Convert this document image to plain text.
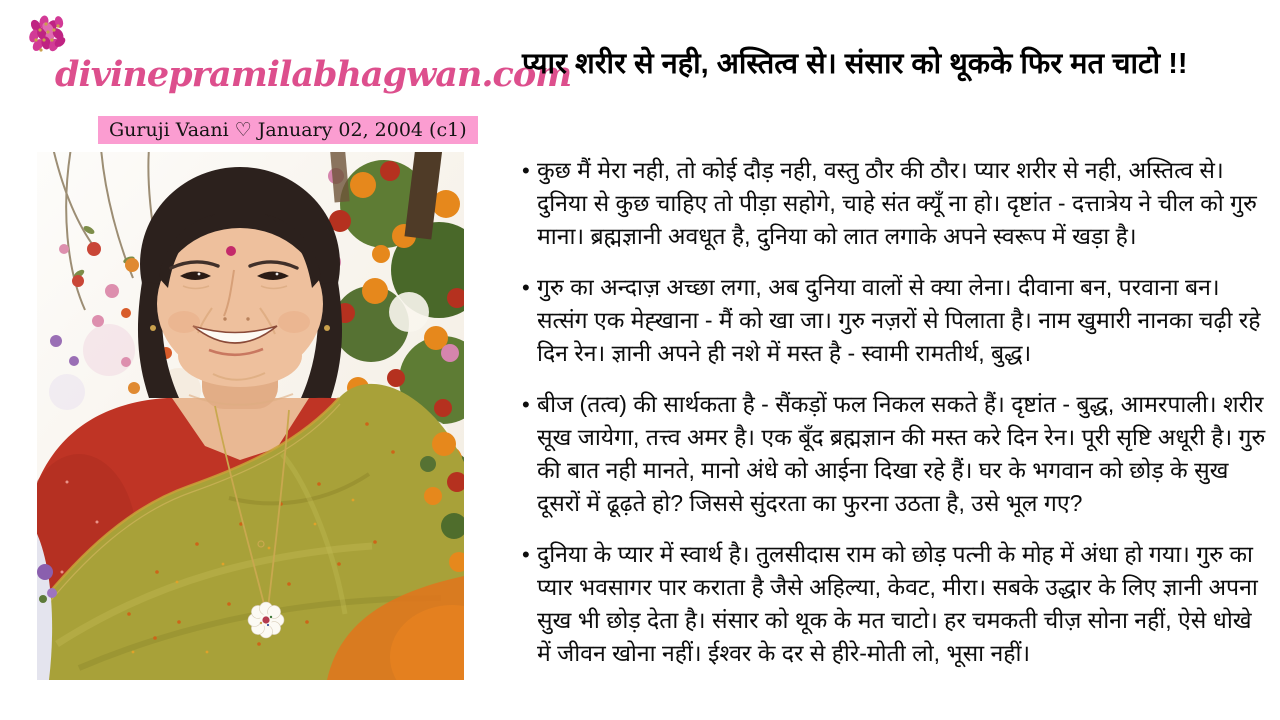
divinepramilabhagwan.com
Guruji Vaani ♡ January 02, 2004 (c1)
प्यार शरीर से नही, अस्तित्व से। संसार को थूकके फिर मत चाटो !!
• कुछ मैं मेरा नही, तो कोई दौड़ नही, वस्तु ठौर की ठौर। प्यार शरीर से नही, अस्तित्व से। दुनिया से कुछ चाहिए तो पीड़ा सहोगे, चाहे संत क्यूँ ना हो। दृष्टांत - दत्तात्रेय ने चील को गुरु माना। ब्रह्मज्ञानी अवधूत है, दुनिया को लात लगाके अपने स्वरूप में खड़ा है।

• गुरु का अन्दाज़ अच्छा लगा, अब दुनिया वालों से क्या लेना। दीवाना बन, परवाना बन। सत्संग एक मेह्खाना - मैं को खा जा। गुरु नज़रों से पिलाता है। नाम खुमारी नानका चढ़ी रहे दिन रेन। ज्ञानी अपने ही नशे में मस्त है - स्वामी रामतीर्थ, बुद्ध।

• बीज (तत्व) की सार्थकता है - सैंकड़ों फल निकल सकते हैं। दृष्टांत - बुद्ध, आमरपाली। शरीर सूख जायेगा, तत्त्व अमर है। एक बूँद ब्रह्मज्ञान की मस्त करे दिन रेन। पूरी सृष्टि अधूरी है। गुरु की बात नही मानते, मानो अंधे को आईना दिखा रहे हैं। घर के भगवान को छोड़ के सुख दूसरों में ढूढ़ते हो? जिससे सुंदरता का फुरना उठता है, उसे भूल गए?

• दुनिया के प्यार में स्वार्थ है। तुलसीदास राम को छोड़ पत्नी के मोह में अंधा हो गया। गुरु का प्यार भवसागर पार कराता है जैसे अहिल्या, केवट, मीरा। सबके उद्धार के लिए ज्ञानी अपना सुख भी छोड़ देता है। संसार को थूक के मत चाटो। हर चमकती चीज़ सोना नहीं, ऐसे धोखे में जीवन खोना नहीं। ईश्वर के दर से हीरे-मोती लो, भूसा नहीं।
